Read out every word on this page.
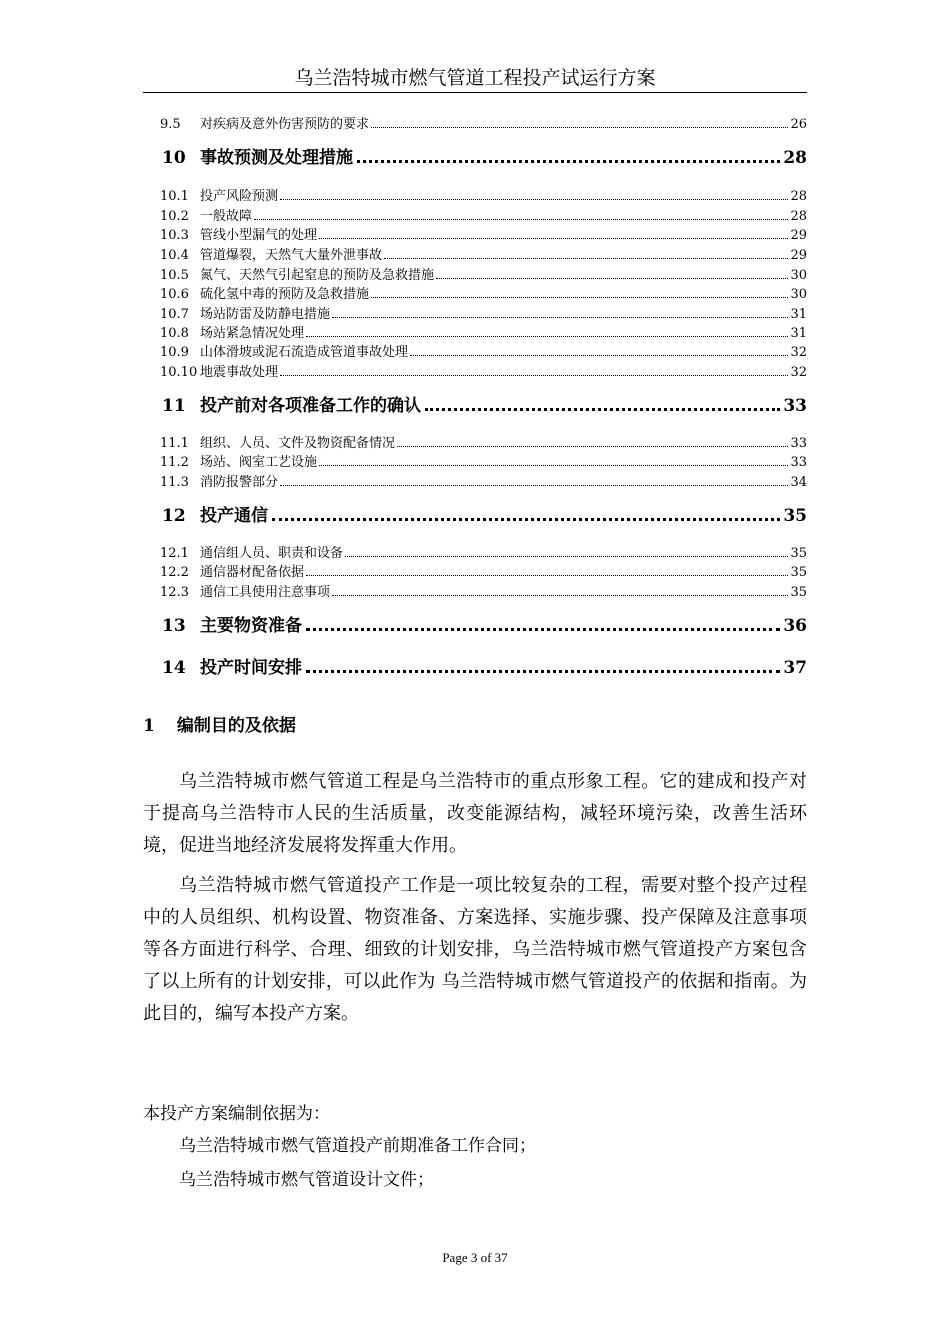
乌兰浩特城市燃气管道工程投产试运行方案
9.5	对疾病及意外伤害预防的要求	26
10 事故预测及处理措施	28
10.1 投产风险预测	28
10.2 一般故障	28
10.3 管线小型漏气的处理	29
10.4 管道爆裂，天然气大量外泄事故	29
10.5 氮气、天然气引起窒息的预防及急救措施	30
10.6 硫化氢中毒的预防及急救措施	30
10.7 场站防雷及防静电措施	31
10.8 场站紧急情况处理	31
10.9 山体滑坡或泥石流造成管道事故处理	32
10.10 地震事故处理	32
11 投产前对各项准备工作的确认	33
11.1 组织、人员、文件及物资配备情况	33
11.2 场站、阀室工艺设施	33
11.3 消防报警部分	34
12 投产通信	35
12.1 通信组人员、职责和设备	35
12.2 通信器材配备依据	35
12.3 通信工具使用注意事项	35
13 主要物资准备	36
14 投产时间安排	37
1 编制目的及依据

乌兰浩特城市燃气管道工程是乌兰浩特市的重点形象工程。它的建成和投产对于提高乌兰浩特市人民的生活质量，改变能源结构，减轻环境污染，改善生活环境，促进当地经济发展将发挥重大作用。

乌兰浩特城市燃气管道投产工作是一项比较复杂的工程，需要对整个投产过程中的人员组织、机构设置、物资准备、方案选择、实施步骤、投产保障及注意事项等各方面进行科学、合理、细致的计划安排，乌兰浩特城市燃气管道投产方案包含了以上所有的计划安排，可以此作为 乌兰浩特城市燃气管道投产的依据和指南。为此目的，编写本投产方案。

本投产方案编制依据为：
乌兰浩特城市燃气管道投产前期准备工作合同；
乌兰浩特城市燃气管道设计文件；
Page 3 of 37
